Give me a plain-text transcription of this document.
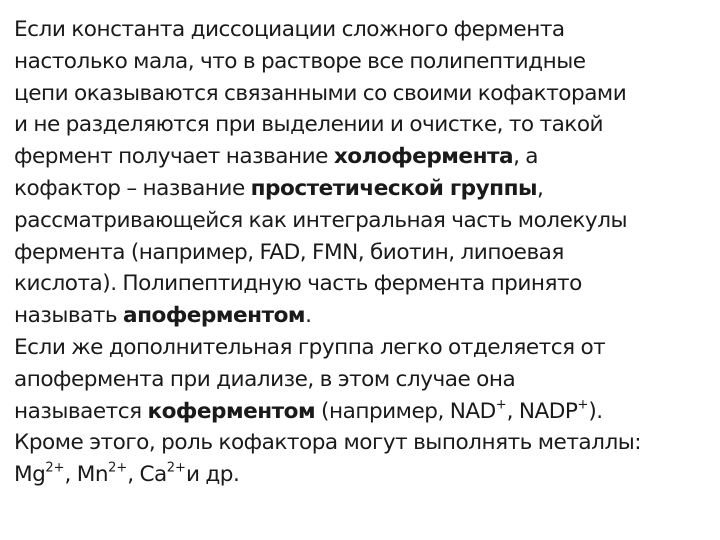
Если константа диссоциации сложного фермента
настолько мала, что в растворе все полипептидные
цепи оказываются связанными со своими кофакторами
и не разделяются при выделении и очистке, то такой
фермент получает название холофермента, а
кофактор – название простетической группы,
рассматривающейся как интегральная часть молекулы
фермента (например, FAD, FMN, биотин, липоевая
кислота). Полипептидную часть фермента принято
называть апоферментом.

Если же дополнительная группа легко отделяется от
апофермента при диализе, в этом случае она
называется коферментом (например, NAD+, NADP+).
Кроме этого, роль кофактора могут выполнять металлы:
$Mg^{2+}$, $Mn^{2+}$, $Ca^{2+}и$ др.
